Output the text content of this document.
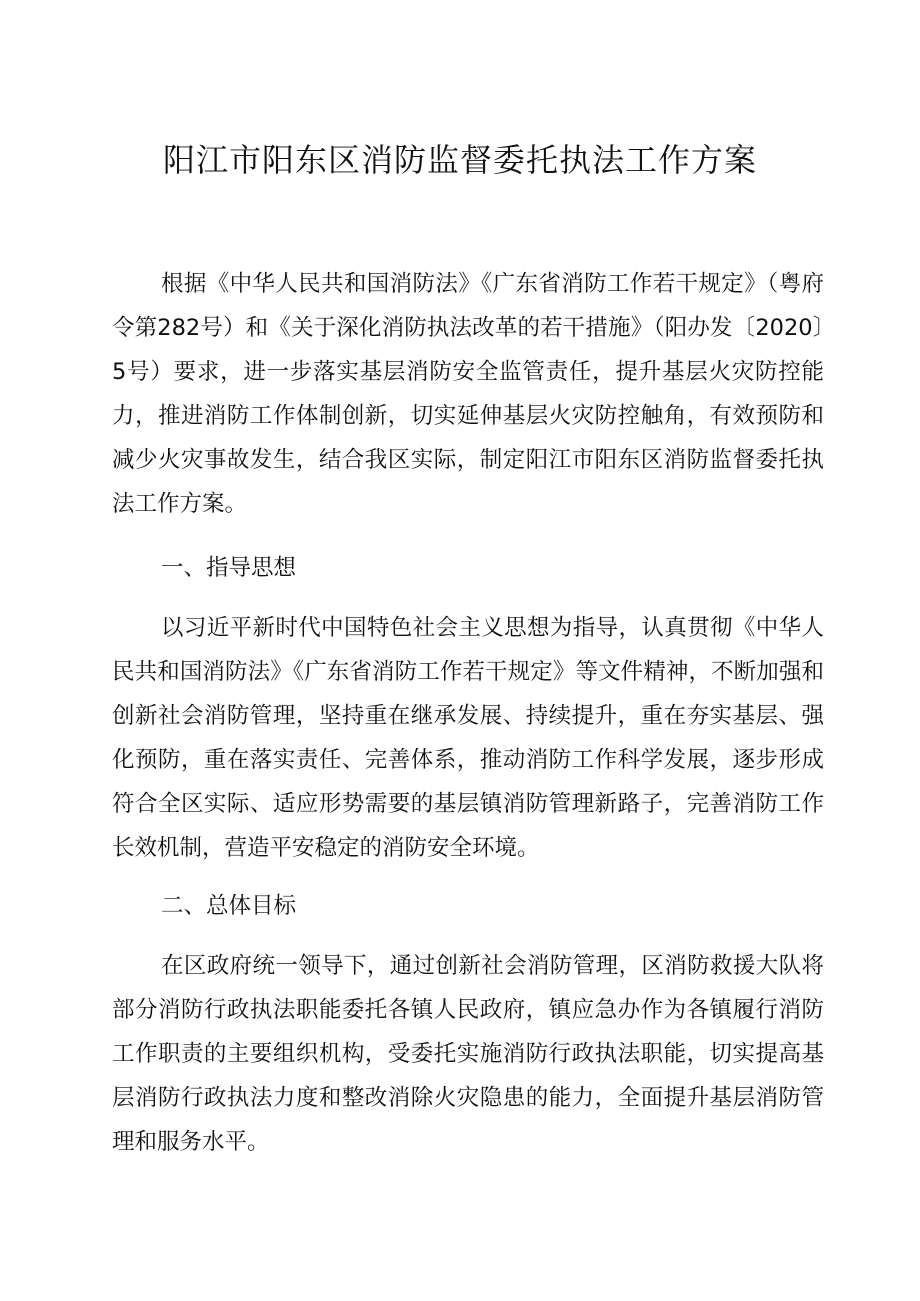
阳江市阳东区消防监督委托执法工作方案

根据《中华人民共和国消防法》《广东省消防工作若干规定》（粤府令第282号）和《关于深化消防执法改革的若干措施》（阳办发〔2020〕5号）要求，进一步落实基层消防安全监管责任，提升基层火灾防控能力，推进消防工作体制创新，切实延伸基层火灾防控触角，有效预防和减少火灾事故发生，结合我区实际，制定阳江市阳东区消防监督委托执法工作方案。

一、指导思想

以习近平新时代中国特色社会主义思想为指导，认真贯彻《中华人民共和国消防法》《广东省消防工作若干规定》等文件精神，不断加强和创新社会消防管理，坚持重在继承发展、持续提升，重在夯实基层、强化预防，重在落实责任、完善体系，推动消防工作科学发展，逐步形成符合全区实际、适应形势需要的基层镇消防管理新路子，完善消防工作长效机制，营造平安稳定的消防安全环境。

二、总体目标

在区政府统一领导下，通过创新社会消防管理，区消防救援大队将部分消防行政执法职能委托各镇人民政府，镇应急办作为各镇履行消防工作职责的主要组织机构，受委托实施消防行政执法职能，切实提高基层消防行政执法力度和整改消除火灾隐患的能力，全面提升基层消防管理和服务水平。
